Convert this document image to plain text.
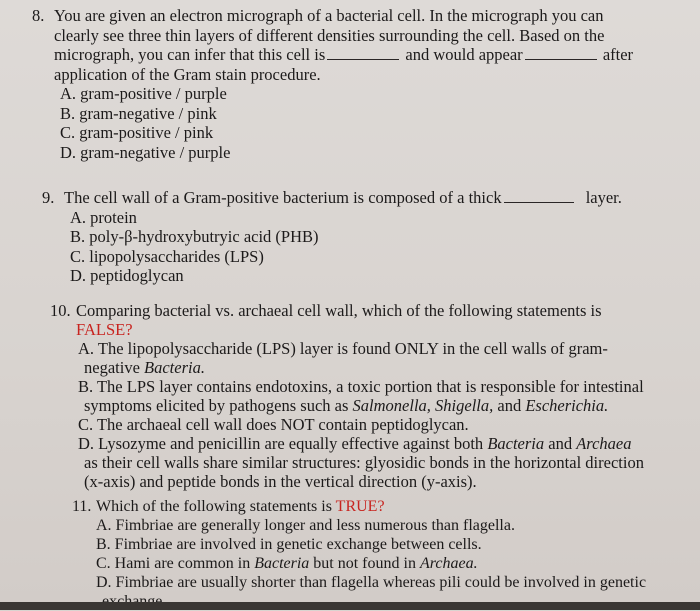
8. You are given an electron micrograph of a bacterial cell. In the micrograph you can
clearly see three thin layers of different densities surrounding the cell. Based on the
micrograph, you can infer that this cell is	and would appear	after
application of the Gram stain procedure.
A. gram-positive / purple
B. gram-negative / pink
C. gram-positive / pink
D. gram-negative / purple
9. The cell wall of a Gram-positive bacterium is composed of a thick	layer.
A. protein
B. poly-β-hydroxybutryic acid (PHB)
C. lipopolysaccharides (LPS)
D. peptidoglycan
10. Comparing bacterial vs. archaeal cell wall, which of the following statements is
FALSE?
A. The lipopolysaccharide (LPS) layer is found ONLY in the cell walls of gram-
negative Bacteria.
B. The LPS layer contains endotoxins, a toxic portion that is responsible for intestinal
symptoms elicited by pathogens such as Salmonella, Shigella, and Escherichia.
C. The archaeal cell wall does NOT contain peptidoglycan.
D. Lysozyme and penicillin are equally effective against both Bacteria and Archaea
as their cell walls share similar structures: glyosidic bonds in the horizontal direction
(x-axis) and peptide bonds in the vertical direction (y-axis).
11. Which of the following statements is TRUE?
A. Fimbriae are generally longer and less numerous than flagella.
B. Fimbriae are involved in genetic exchange between cells.
C. Hami are common in Bacteria but not found in Archaea.
D. Fimbriae are usually shorter than flagella whereas pili could be involved in genetic
